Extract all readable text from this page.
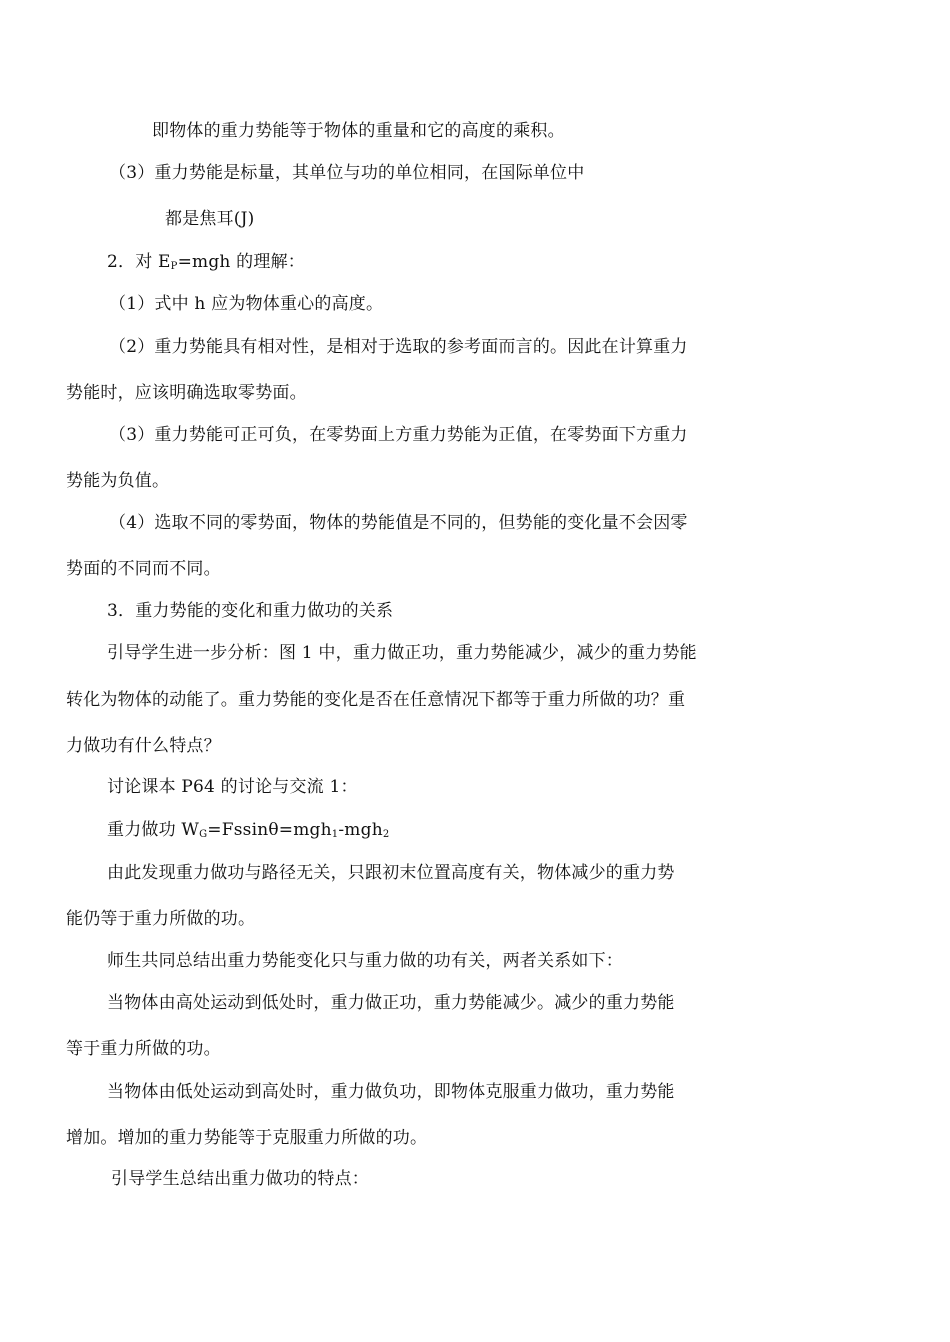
即物体的重力势能等于物体的重量和它的高度的乘积。
（3）重力势能是标量，其单位与功的单位相同，在国际单位中
都是焦耳(J)
2．对 $E_P=mgh$ 的理解：
（1）式中 h 应为物体重心的高度。
（2）重力势能具有相对性，是相对于选取的参考面而言的。因此在计算重力
势能时，应该明确选取零势面。
（3）重力势能可正可负，在零势面上方重力势能为正值，在零势面下方重力
势能为负值。
（4）选取不同的零势面，物体的势能值是不同的，但势能的变化量不会因零
势面的不同而不同。
3．重力势能的变化和重力做功的关系
引导学生进一步分析：图 1 中，重力做正功，重力势能减少，减少的重力势能
转化为物体的动能了。重力势能的变化是否在任意情况下都等于重力所做的功？重
力做功有什么特点？
讨论课本 P64 的讨论与交流 1：
重力做功 $W_G=Fssin\theta=mgh_1-mgh_2$
由此发现重力做功与路径无关，只跟初末位置高度有关，物体减少的重力势
能仍等于重力所做的功。
师生共同总结出重力势能变化只与重力做的功有关，两者关系如下：
当物体由高处运动到低处时，重力做正功，重力势能减少。减少的重力势能
等于重力所做的功。
当物体由低处运动到高处时，重力做负功，即物体克服重力做功，重力势能
增加。增加的重力势能等于克服重力所做的功。
引导学生总结出重力做功的特点：
